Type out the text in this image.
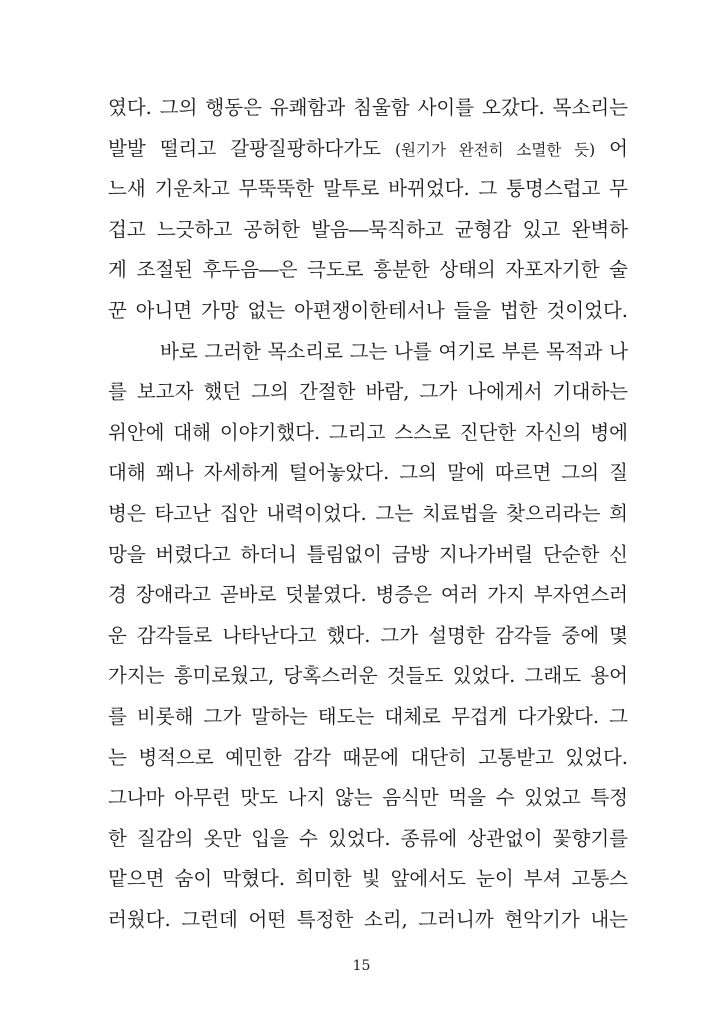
였다. 그의 행동은 유쾌함과 침울함 사이를 오갔다. 목소리는
발발 떨리고 갈팡질팡하다가도 (원기가 완전히 소멸한 듯) 어
느새 기운차고 무뚝뚝한 말투로 바뀌었다. 그 퉁명스럽고 무
겁고 느긋하고 공허한 발음―묵직하고 균형감 있고 완벽하
게 조절된 후두음―은 극도로 흥분한 상태의 자포자기한 술
꾼 아니면 가망 없는 아편쟁이한테서나 들을 법한 것이었다.
바로 그러한 목소리로 그는 나를 여기로 부른 목적과 나
를 보고자 했던 그의 간절한 바람, 그가 나에게서 기대하는
위안에 대해 이야기했다. 그리고 스스로 진단한 자신의 병에
대해 꽤나 자세하게 털어놓았다. 그의 말에 따르면 그의 질
병은 타고난 집안 내력이었다. 그는 치료법을 찾으리라는 희
망을 버렸다고 하더니 틀림없이 금방 지나가버릴 단순한 신
경 장애라고 곧바로 덧붙였다. 병증은 여러 가지 부자연스러
운 감각들로 나타난다고 했다. 그가 설명한 감각들 중에 몇
가지는 흥미로웠고, 당혹스러운 것들도 있었다. 그래도 용어
를 비롯해 그가 말하는 태도는 대체로 무겁게 다가왔다. 그
는 병적으로 예민한 감각 때문에 대단히 고통받고 있었다.
그나마 아무런 맛도 나지 않는 음식만 먹을 수 있었고 특정
한 질감의 옷만 입을 수 있었다. 종류에 상관없이 꽃향기를
맡으면 숨이 막혔다. 희미한 빛 앞에서도 눈이 부셔 고통스
러웠다. 그런데 어떤 특정한 소리, 그러니까 현악기가 내는
15
